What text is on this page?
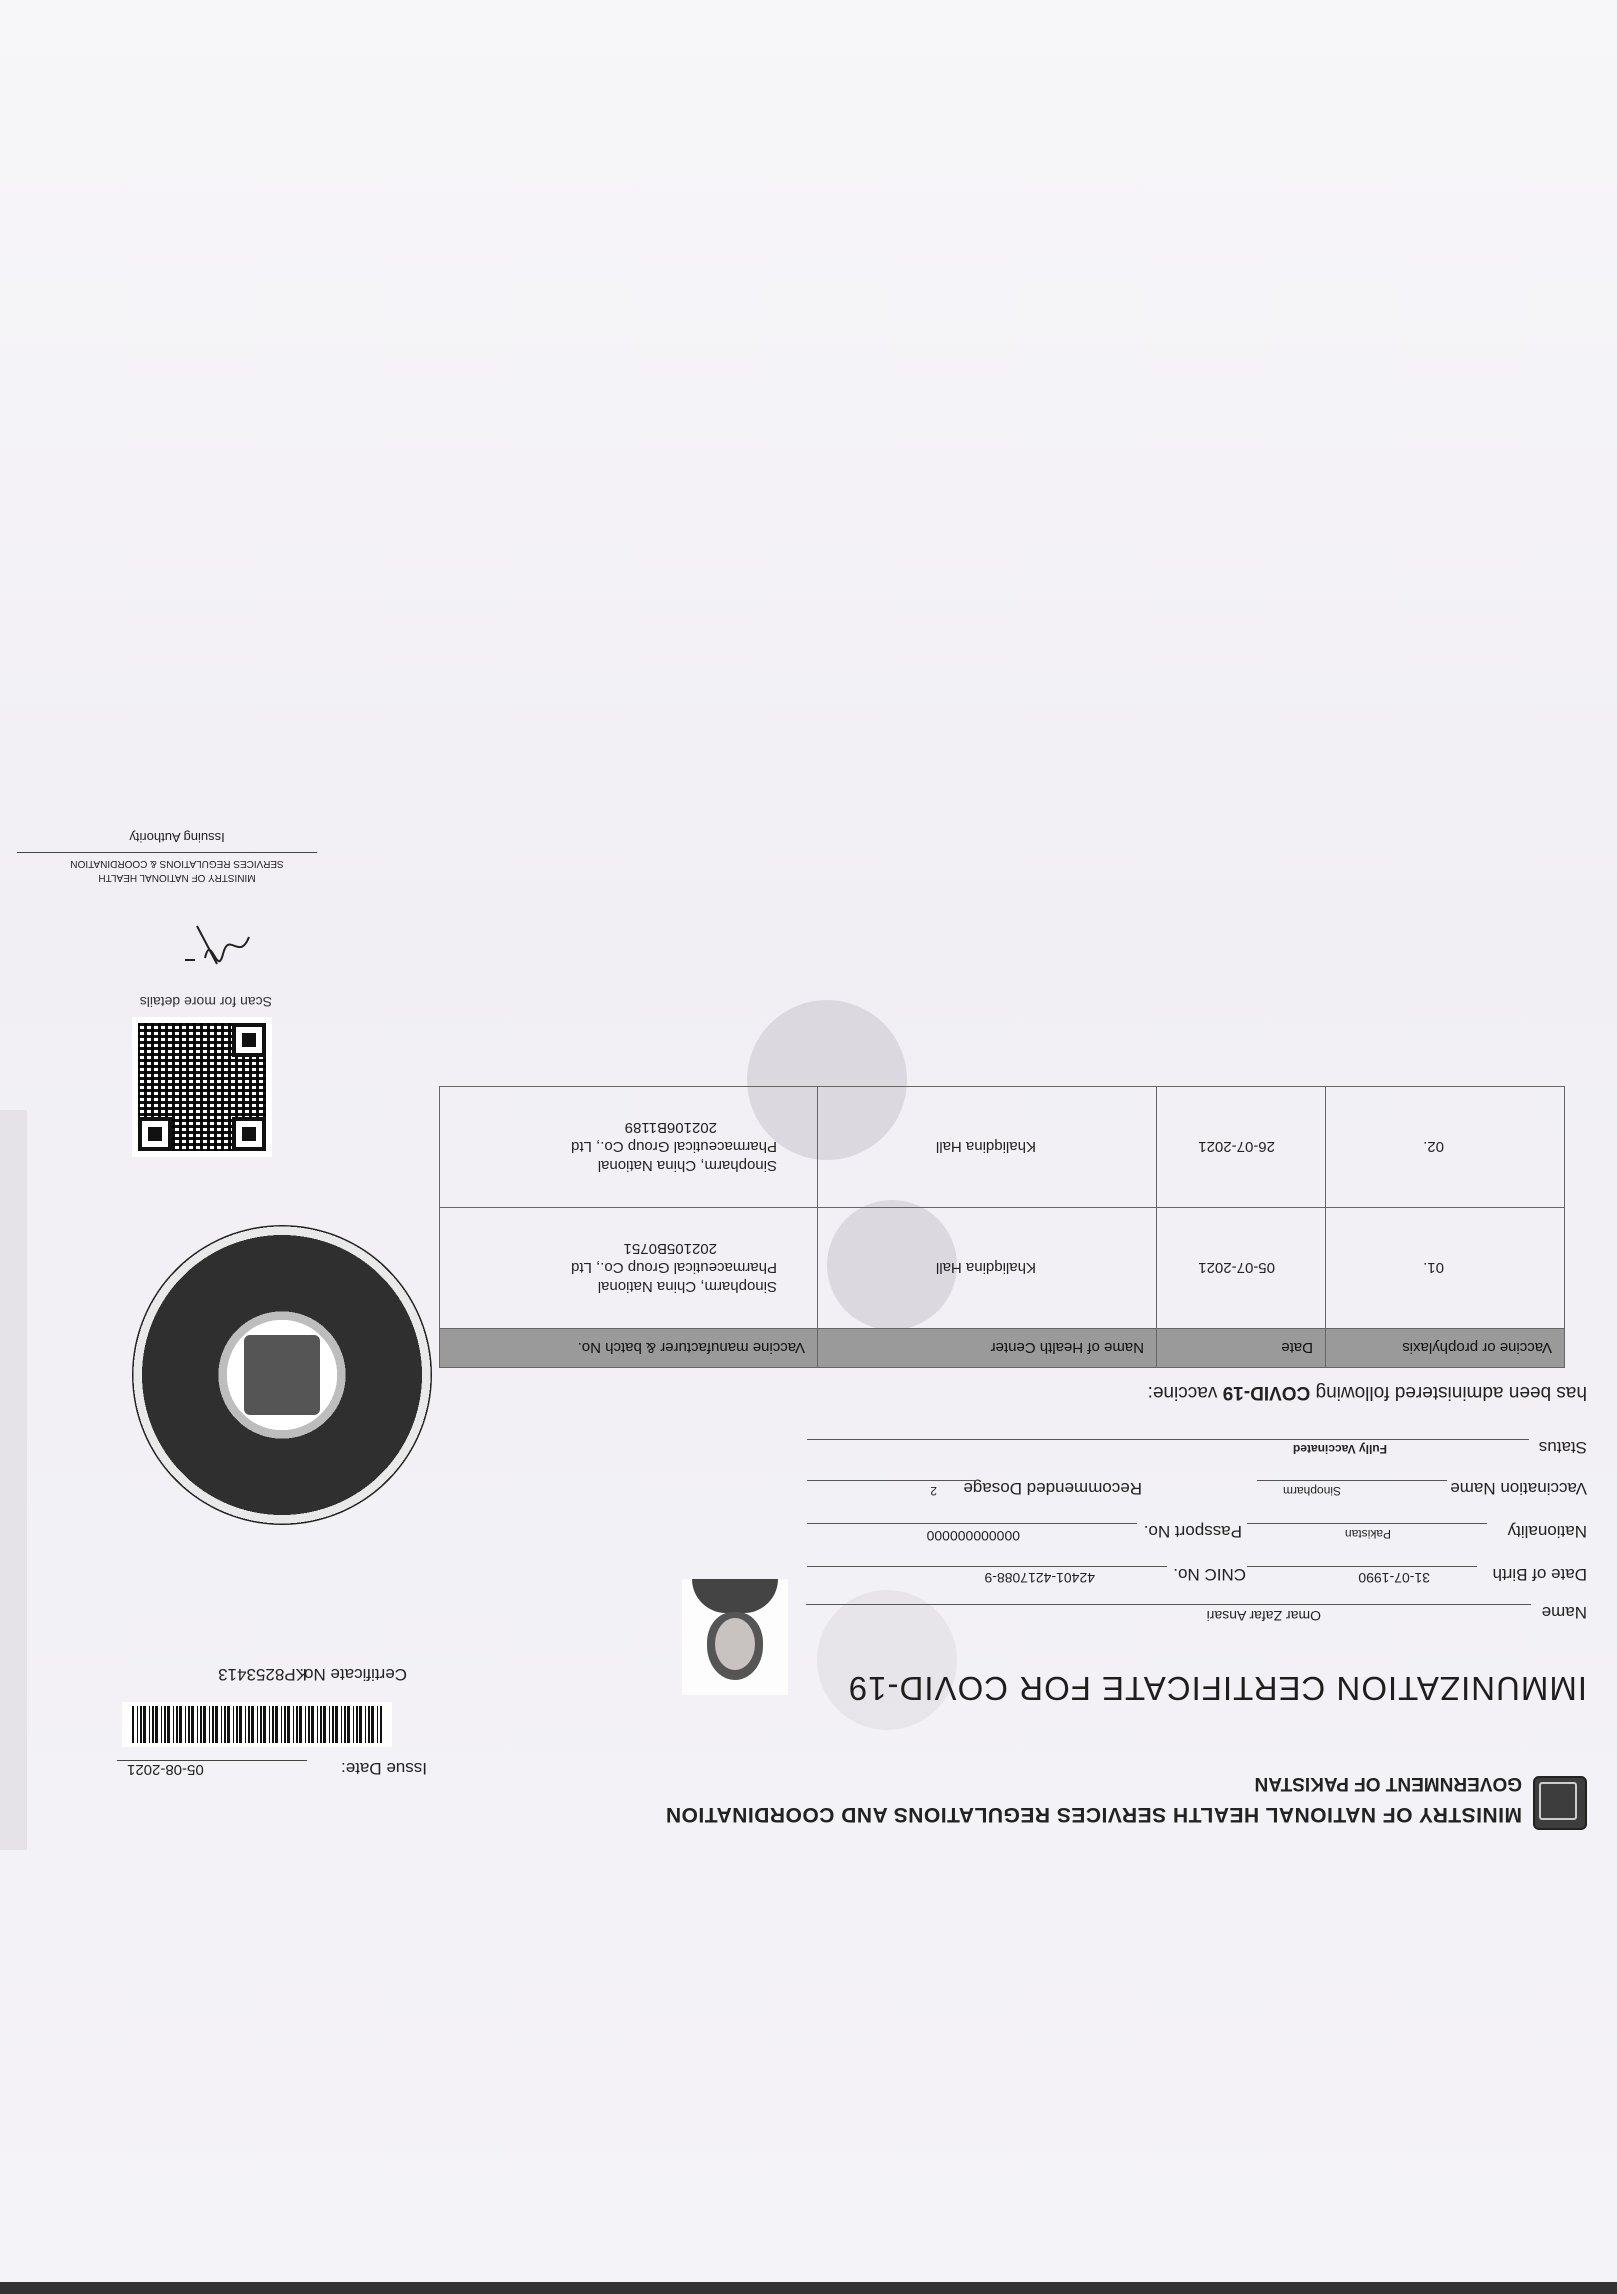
MINISTRY OF NATIONAL HEALTH SERVICES REGULATIONS AND COORDINATION
GOVERNMENT OF PAKISTAN
IMMUNIZATION CERTIFICATE FOR COVID-19
Issue Date:
05-08-2021
Certificate No.
KP8253413
Name
Omar Zafar Ansari
Date of Birth
31-07-1990
CNIC No.
42401-4217088-9
Nationality
Pakistan
Passport No.
000000000000
Vaccination Name
Sinopharm
Recommended Dosage
2
Status
Fully Vaccinated
has been administered following COVID-19 vaccine:
Vaccine or prophylaxis	Date	Name of Health Center	Vaccine manufacturer & batch No.
01.	05-07-2021	Khaliqdina Hall	Sinopharm, China National Pharmaceutical Group Co., Ltd
202105B0751

02.	26-07-2021	Khaliqdina Hall	Sinopharm, China National Pharmaceutical Group Co., Ltd
202106B1189
Scan for more details
MINISTRY OF NATIONAL HEALTH
SERVICES REGULATIONS & COORDINATION
Issuing Authority
